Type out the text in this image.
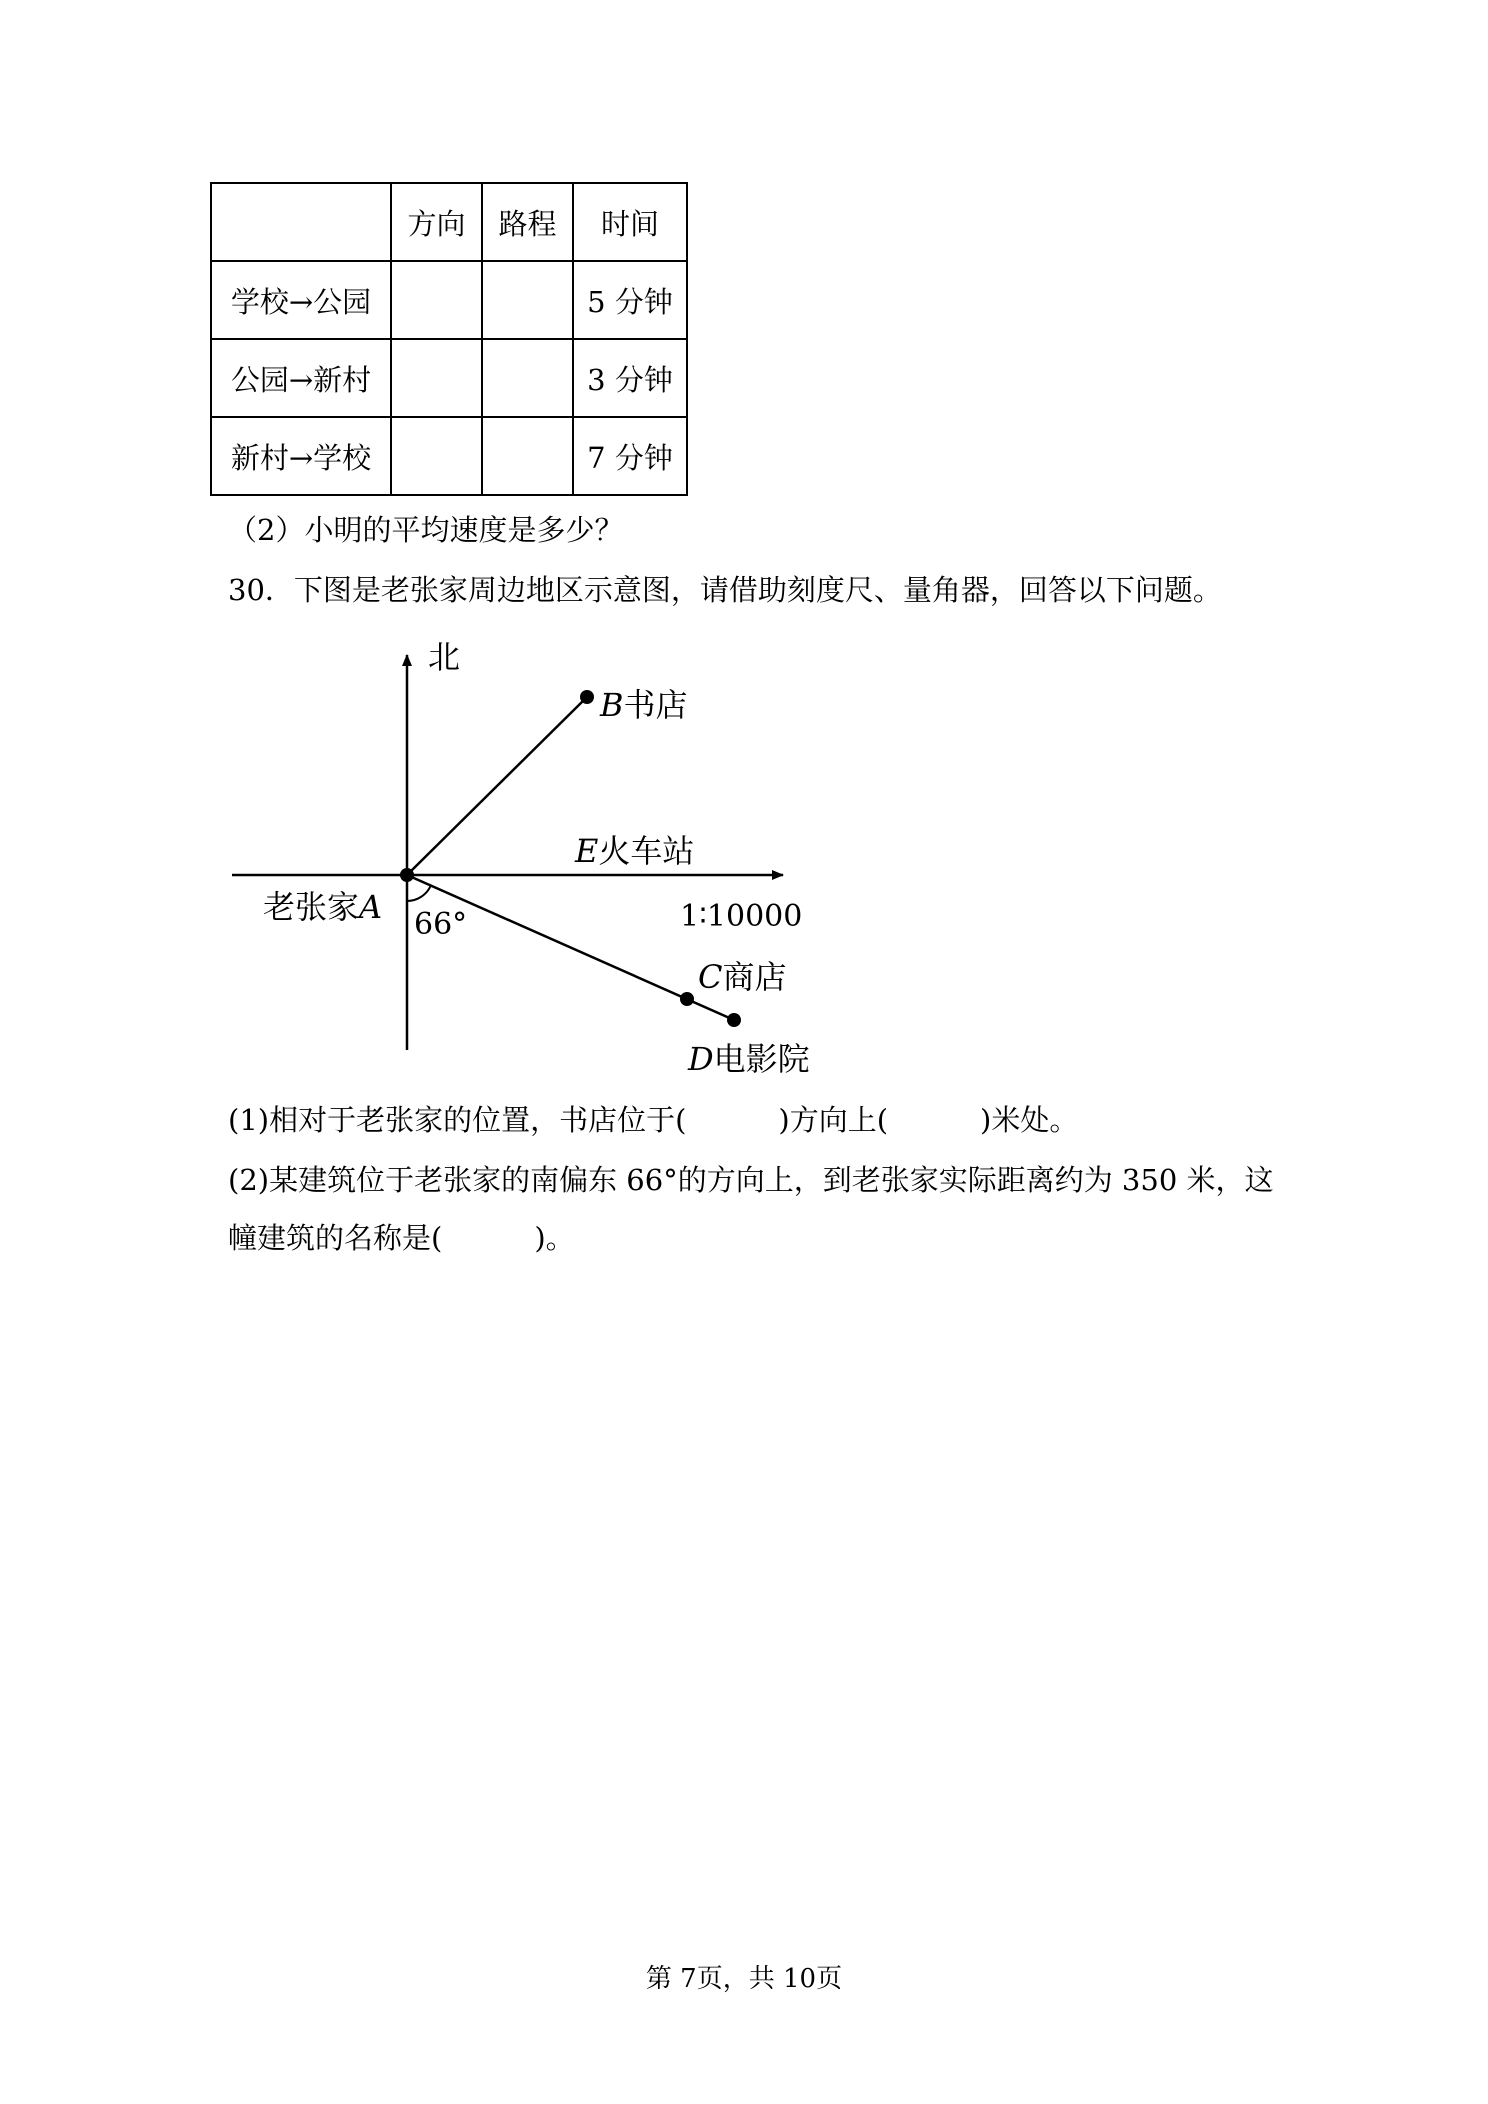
	方向	路程	时间
学校→公园			5 分钟
公园→新村			3 分钟
新村→学校			7 分钟
（2）小明的平均速度是多少？
30．下图是老张家周边地区示意图，请借助刻度尺、量角器，回答以下问题。
北
B书店
E火车站
老张家A 66°	1∶10000
C商店
D电影院
(1)相对于老张家的位置，书店位于(	)方向上(	)米处。
(2)某建筑位于老张家的南偏东 66°的方向上，到老张家实际距离约为 350 米，这
幢建筑的名称是(	)。
第 7页，共 10页
